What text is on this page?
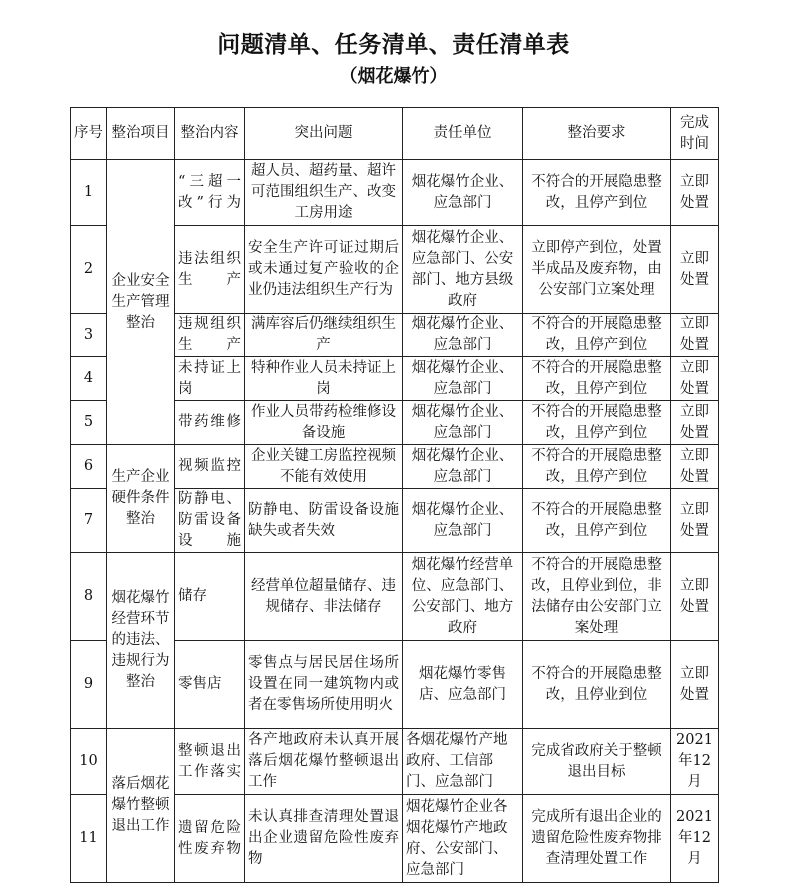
问题清单、任务清单、责任清单表
（烟花爆竹）
序号	整治项目	整治内容	突出问题	责任单位	整治要求	完成时间
1	企业安全生产管理整治	“三超一改”行为	超人员、超药量、超许可范围组织生产、改变工房用途	烟花爆竹企业、应急部门	不符合的开展隐患整改，且停产到位	立即处置
2		违法组织生产	安全生产许可证过期后或未通过复产验收的企业仍违法组织生产行为	烟花爆竹企业、应急部门、公安部门、地方县级政府	立即停产到位，处置半成品及废弃物，由公安部门立案处理	立即处置
3		违规组织生产	满库容后仍继续组织生产	烟花爆竹企业、应急部门	不符合的开展隐患整改，且停产到位	立即处置
4		未持证上岗	特种作业人员未持证上岗	烟花爆竹企业、应急部门	不符合的开展隐患整改，且停产到位	立即处置
5		带药维修	作业人员带药检维修设备设施	烟花爆竹企业、应急部门	不符合的开展隐患整改，且停产到位	立即处置
6	生产企业硬件条件整治	视频监控	企业关键工房监控视频不能有效使用	烟花爆竹企业、应急部门	不符合的开展隐患整改，且停产到位	立即处置
7		防静电、防雷设备设施	防静电、防雷设备设施缺失或者失效	烟花爆竹企业、应急部门	不符合的开展隐患整改，且停产到位	立即处置
8	烟花爆竹经营环节的违法、违规行为整治	储存	经营单位超量储存、违规储存、非法储存	烟花爆竹经营单位、应急部门、公安部门、地方政府	不符合的开展隐患整改，且停业到位，非法储存由公安部门立案处理	立即处置
9		零售店	零售点与居民居住场所设置在同一建筑物内或者在零售场所使用明火	烟花爆竹零售店、应急部门	不符合的开展隐患整改，且停业到位	立即处置
10	落后烟花爆竹整顿退出工作	整顿退出工作落实	各产地政府未认真开展落后烟花爆竹整顿退出工作	各烟花爆竹产地政府、工信部门、应急部门	完成省政府关于整顿退出目标	2021年12月
11		遗留危险性废弃物	未认真排查清理处置退出企业遗留危险性废弃物	烟花爆竹企业各烟花爆竹产地政府、公安部门、应急部门	完成所有退出企业的遗留危险性废弃物排查清理处置工作	2021年12月
